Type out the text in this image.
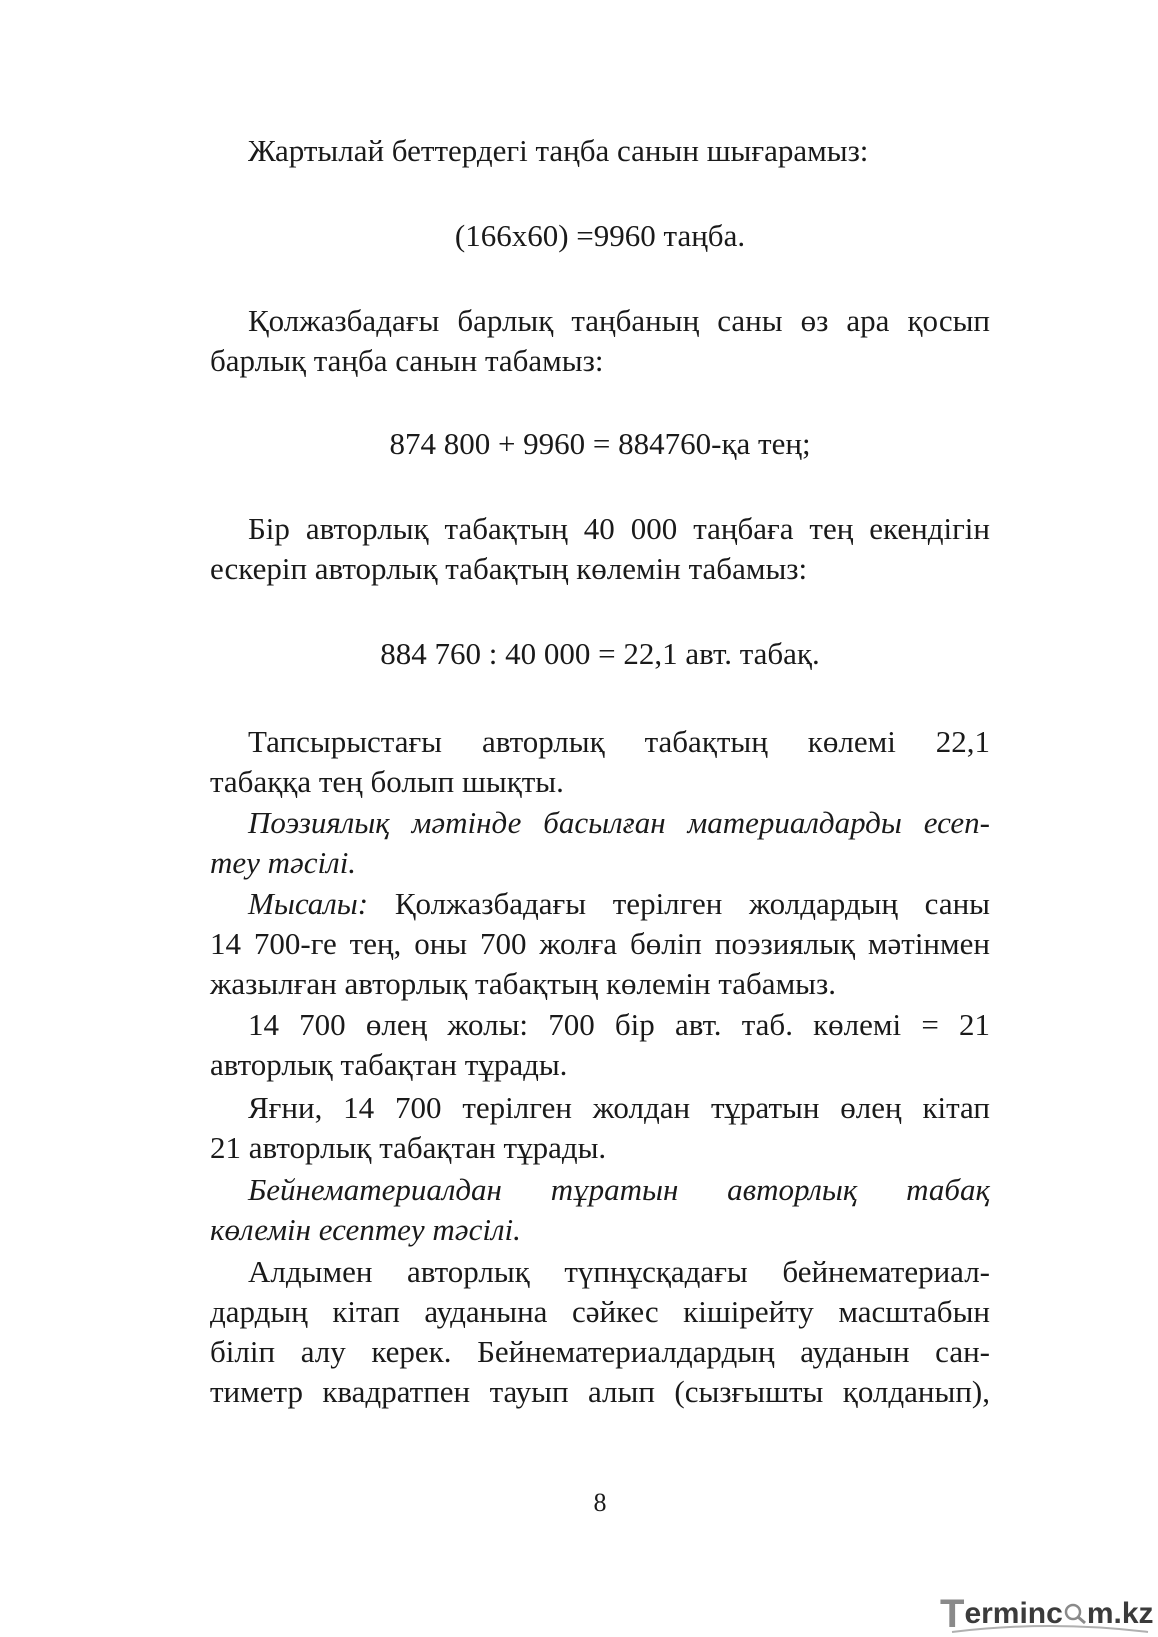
Жартылай беттердегі таңба санын шығарамыз:

(166х60) =9960 таңба.

Қолжазбадағы барлық таңбаның саны өз ара қосып
барлық таңба санын табамыз:

874 800 + 9960 = 884760-қа тең;

Бір авторлық табақтың 40 000 таңбаға тең екендігін
ескеріп авторлық табақтың көлемін табамыз:

884 760 : 40 000 = 22,1 авт. табақ.

Тапсырыстағы авторлық табақтың көлемі 22,1
табаққа тең болып шықты.

Поэзиялық мәтінде басылған материалдарды есеп-
теу тәсілі.

Мысалы: Қолжазбадағы терілген жолдардың саны
14 700-ге тең, оны 700 жолға бөліп поэзиялық мәтінмен
жазылған авторлық табақтың көлемін табамыз.

14 700 өлең жолы: 700 бір авт. таб. көлемі = 21
авторлық табақтан тұрады.

Яғни, 14 700 терілген жолдан тұратын өлең кітап
21 авторлық табақтан тұрады.

Бейнематериалдан тұратын авторлық табақ
көлемін есептеу тәсілі.

Алдымен авторлық түпнұсқадағы бейнематериал-
дардың кітап ауданына сәйкес кішірейту масштабын
біліп алу керек. Бейнематериалдардың ауданын сан-
тиметр квадратпен тауып алып (сызғышты қолданып),

8
Terminc m.kz
